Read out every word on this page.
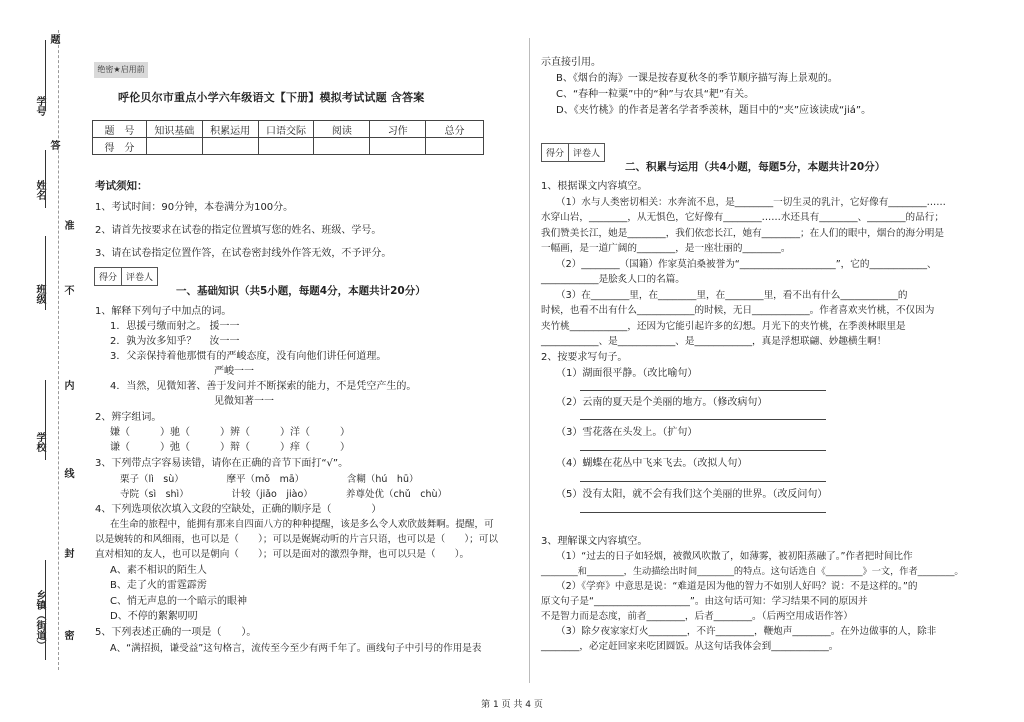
题
学号
答
姓名
准
班级 不
内
学校
线
封
乡镇（街道） 密
绝密★启用前
呼伦贝尔市重点小学六年级语文【下册】模拟考试试题 含答案
题　号	知识基础	积累运用	口语交际	阅读	习作	总分
得　分						
考试须知：
1、考试时间：90分钟，本卷满分为100分。
2、请首先按要求在试卷的指定位置填写您的姓名、班级、学号。
3、请在试卷指定位置作答，在试卷密封线外作答无效，不予评分。
得分	评卷人
一、基础知识（共5小题，每题4分，本题共计20分）
1、解释下列句子中加点的词。
1．思援弓缴而射之。 援一一
2．孰为汝多知乎？　 汝一一
3．父亲保持着他那惯有的严峻态度，没有向他们讲任何道理。
严峻一一
4．当然，见微知著、善于发问并不断探索的能力，不是凭空产生的。
见微知著一一
2、辨字组词。
嫌（　　　）驰（　　　）辨（　　　）洋（　　　）
谦（　　　）弛（　　　）辩（　　　）痒（　　　）
3、下列带点字容易读错，请你在正确的音节下面打“√”。
栗子（lì　sù）　　　　　摩平（mǒ　mā）　　　　　含糊（hú　hū）
寺院（sì　shì）　　　　　计较（jiǎo　jiào）　　　　养尊处优（chǔ　chù）
4、下列选项依次填入文段的空缺处，正确的顺序是（　　　　）
在生命的旅程中，能拥有那来自四面八方的种种提醒，该是多么令人欢欣鼓舞啊。提醒，可
以是婉转的和风细雨，也可以是（　　）；可以是娓娓动听的片言只语，也可以是（　　）；可以
直对相知的友人，也可以是朝向（　　）；可以是面对的激烈争辩，也可以只是（　　）。
A、素不相识的陌生人
B、走了火的雷霆霹雳
C、悄无声息的一个暗示的眼神
D、不停的絮絮叨叨
5、下列表述正确的一项是（　　）。
A、“满招损，谦受益”这句格言，流传至今至少有两千年了。画线句子中引号的作用是表
示直接引用。
B、《烟台的海》一课是按春夏秋冬的季节顺序描写海上景观的。
C、“春种一粒粟”中的“种”与农具“耙”有关。
D、《夹竹桃》的作者是著名学者季羡林，题目中的“夹”应该读成“jiá”。
得分	评卷人
二、积累与运用（共4小题，每题5分，本题共计20分）
1、根据课文内容填空。
（1）水与人类密切相关：水奔流不息，是________一切生灵的乳汁，它好像有________……
水穿山岩，________，从无惧色，它好像有________……水还具有________、________的品行；
我们赞美长江，她是________，我们依恋长江，她有________；在人们的眼中，烟台的海分明是
一幅画，是一道广阔的________，是一座壮丽的________。
（2）________（国籍）作家莫泊桑被誉为“____________________”，它的____________、
____________是脍炙人口的名篇。
（3）在________里，在________里，在________里，看不出有什么____________的
时候，也看不出有什么____________的时候，无日____________。作者喜欢夹竹桃，不仅因为
夹竹桃____________，还因为它能引起许多的幻想。月光下的夹竹桃，在季羡林眼里是
____________、是____________、是____________，真是浮想联翩、妙趣横生啊！
2、按要求写句子。
（1）湖面很平静。（改比喻句）
（2）云南的夏天是个美丽的地方。（修改病句）
（3）雪花落在头发上。（扩句）
（4）蝴蝶在花丛中飞来飞去。（改拟人句）
（5）没有太阳，就不会有我们这个美丽的世界。（改反问句）
3、理解课文内容填空。
（1）“过去的日子如轻烟，被微风吹散了，如薄雾，被初阳蒸融了。”作者把时间比作
________和________，生动描绘出时间________的特点。这句话选自《________》一文，作者________。
（2）《学弈》中意思是说：“难道是因为他的智力不如别人好吗？说：不是这样的。”的
原文句子是“____________________”。由这句话可知：学习结果不同的原因并
不是智力而是态度，前者________，后者________。（后两空用成语作答）
（3）除夕夜家家灯火________，不许________，鞭炮声________。在外边做事的人，除非
________，必定赶回家来吃团圆饭。从这句话我体会到____________。
第 1 页 共 4 页
